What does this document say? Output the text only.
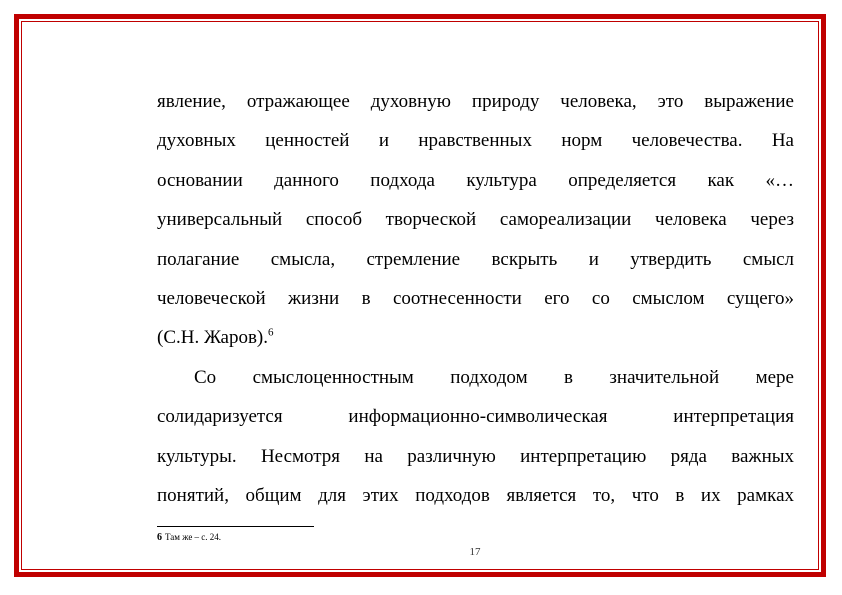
явление, отражающее духовную природу человека, это выражение
духовных ценностей и нравственных норм человечества. На
основании данного подхода культура определяется как «…
универсальный способ творческой самореализации человека через
полагание смысла, стремление вскрыть и утвердить смысл
человеческой жизни в соотнесенности его со смыслом сущего»
(С.Н. Жаров).$^6$
Со смыслоценностным подходом в значительной мере
солидаризуется информационно-символическая интерпретация
культуры. Несмотря на различную интерпретацию ряда важных
понятий, общим для этих подходов является то, что в их рамках
6 Там же – с. 24.
17
